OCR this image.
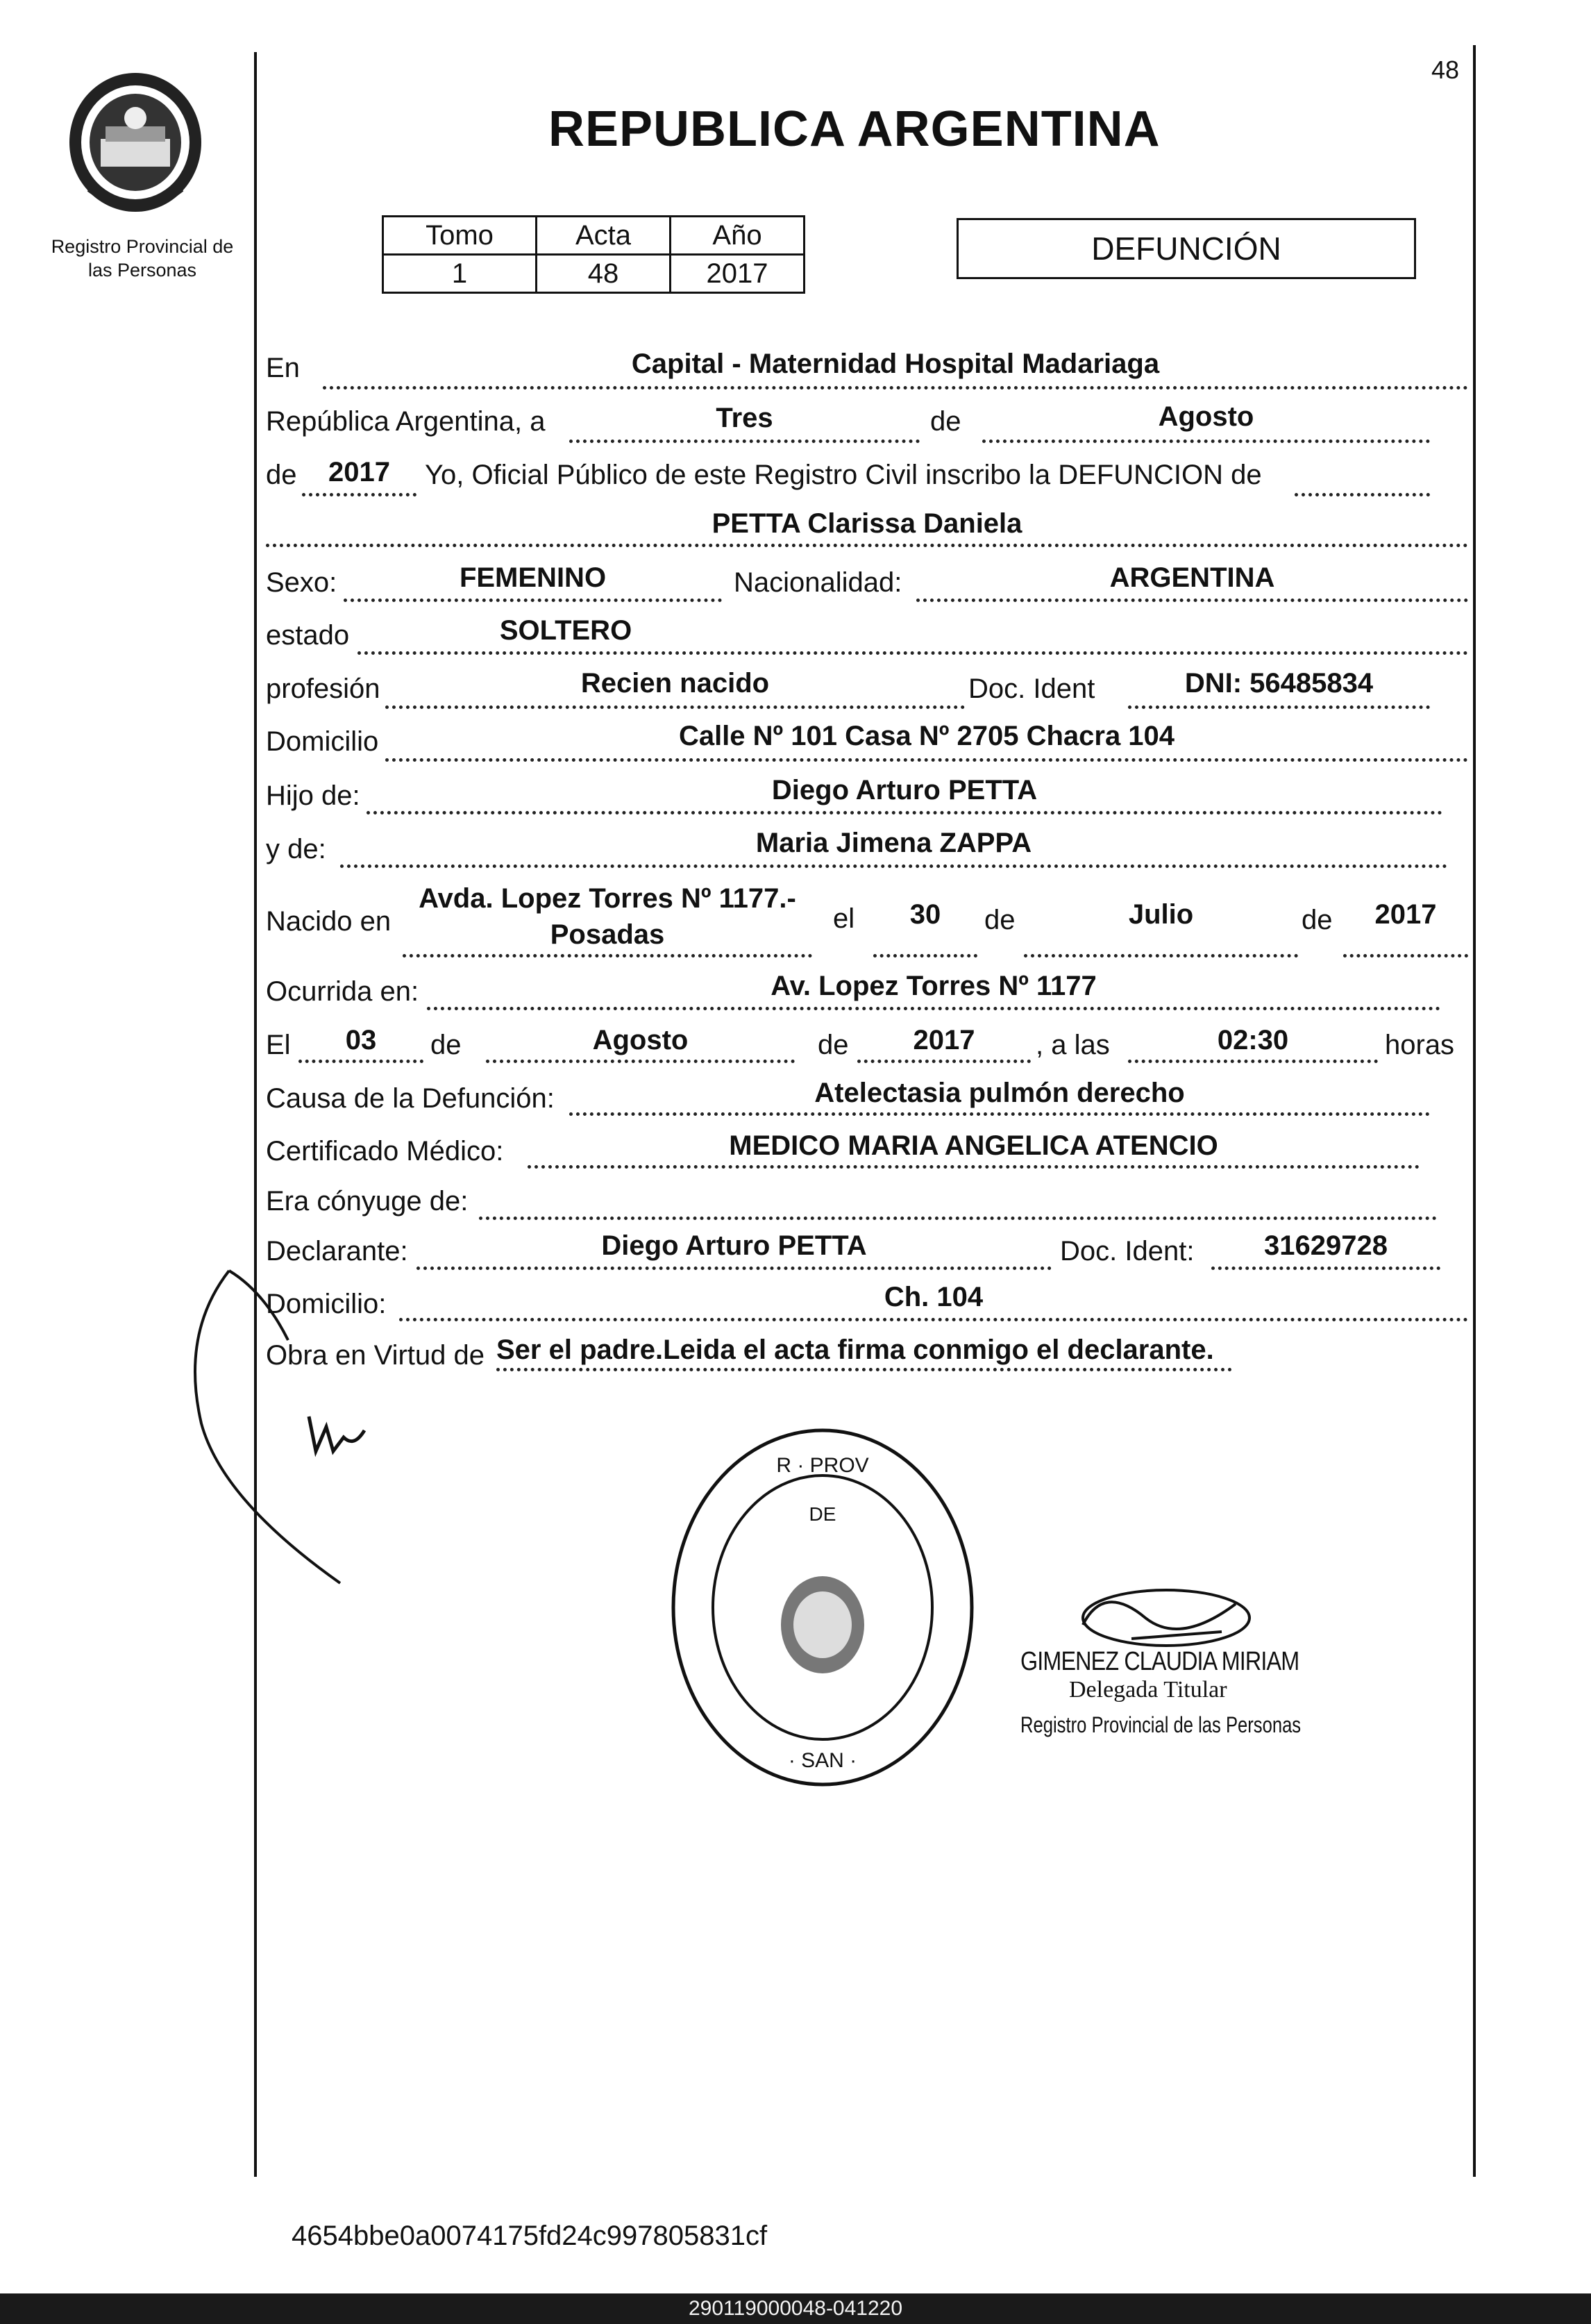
48
Registro Provincial de
las Personas
REPUBLICA ARGENTINA
Tomo	Acta	Año
1	48	2017
DEFUNCIÓN
En	Capital - Maternidad Hospital Madariaga
República Argentina, a	Tres	de	Agosto
de	2017	Yo, Oficial Público de este Registro Civil inscribo la DEFUNCION de
PETTA Clarissa Daniela
Sexo:	FEMENINO	Nacionalidad:	ARGENTINA
estado	SOLTERO
profesión	Recien nacido	Doc. Ident	DNI: 56485834
Domicilio	Calle Nº 101 Casa Nº 2705 Chacra 104
Hijo de:	Diego Arturo PETTA
y de:	Maria Jimena ZAPPA
Nacido en
Avda. Lopez Torres Nº 1177.-
Posadas
el	30	de	Julio	de	2017
Ocurrida en:	Av. Lopez Torres Nº 1177
El	03	de	Agosto	de	2017	, a las	02:30	horas
Causa de la Defunción:	Atelectasia pulmón derecho
Certificado Médico:	MEDICO MARIA ANGELICA ATENCIO
Era cónyuge de:
Declarante:	Diego Arturo PETTA	Doc. Ident:	31629728
Domicilio:	Ch. 104
Obra en Virtud de Ser el padre.Leida el acta firma conmigo el declarante.
R · PROV
DE
· SAN ·
GIMENEZ CLAUDIA MIRIAM
Delegada Titular
Registro Provincial de las Personas
4654bbe0a0074175fd24c997805831cf
290119000048-041220
